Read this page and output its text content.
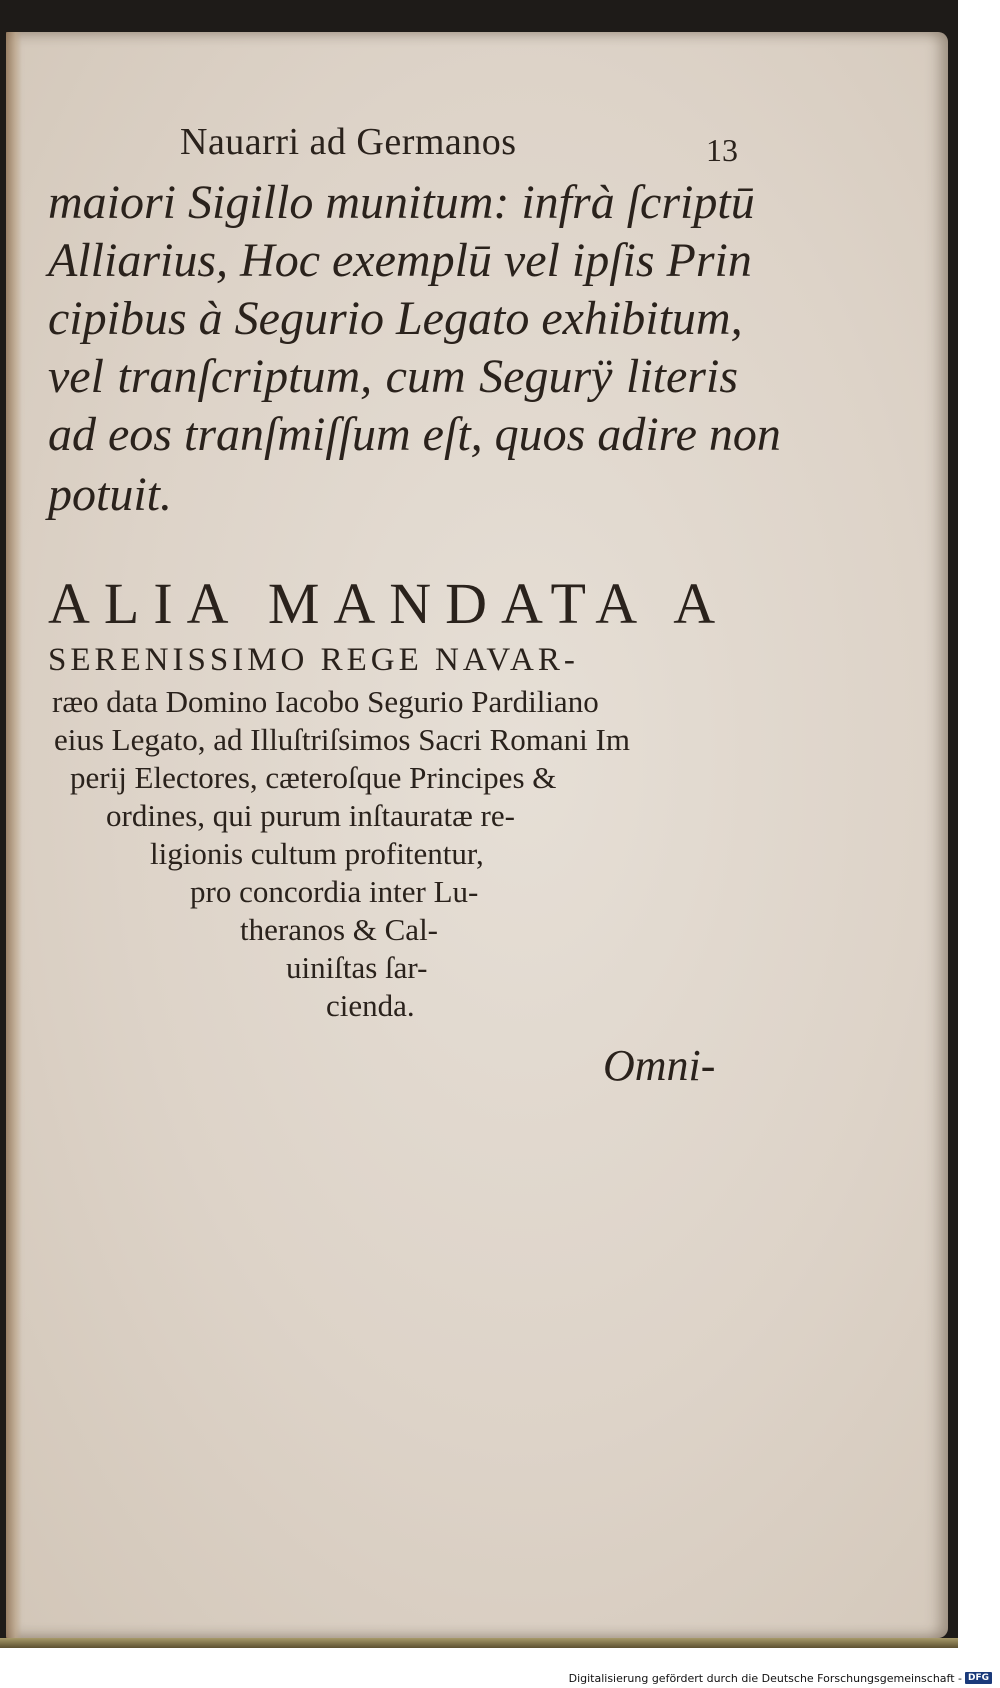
Nauarri ad Germanos	13
maiori Sigillo munitum: infrà ſcriptū
Alliarius, Hoc exemplū vel ipſis Prin
cipibus à Segurio Legato exhibitum,
vel tranſcriptum, cum Segurÿ literis
ad eos tranſmiſſum eſt, quos adire non
potuit.
ALIA MANDATA A
SERENISSIMO REGE NAVAR-
ræo data Domino Iacobo Segurio Pardiliano
eius Legato, ad Illuſtriſsimos Sacri Romani Im
perij Electores, cæteroſque Principes &
ordines, qui purum inſtauratæ re-
ligionis cultum profitentur,
pro concordia inter Lu-
theranos & Cal-
uiniſtas ſar-
cienda.
Omni-
Digitalisierung gefördert durch die Deutsche Forschungsgemeinschaft - DFG
